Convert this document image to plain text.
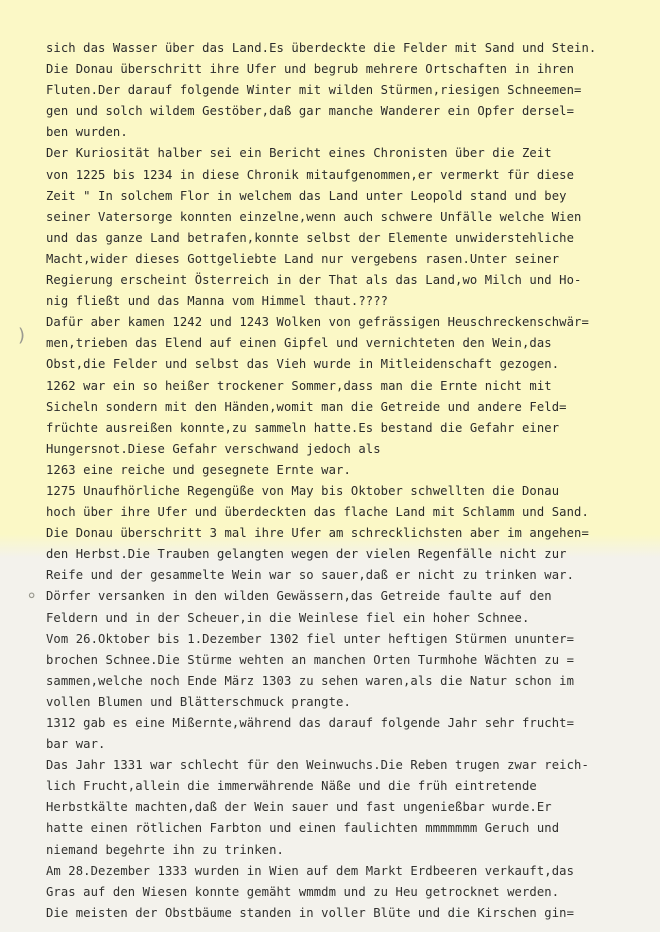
)
∘
sich das Wasser über das Land.Es überdeckte die Felder mit Sand und Stein.
Die Donau überschritt ihre Ufer und begrub mehrere Ortschaften in ihren
Fluten.Der darauf folgende Winter mit wilden Stürmen,riesigen Schneemen=
gen und solch wildem Gestöber,daß gar manche Wanderer ein Opfer dersel=
ben wurden.
Der Kuriosität halber sei ein Bericht eines Chronisten über die Zeit
von 1225 bis 1234 in diese Chronik mitaufgenommen,er vermerkt für diese
Zeit " In solchem Flor in welchem das Land unter Leopold stand und bey
seiner Vatersorge konnten einzelne,wenn auch schwere Unfälle welche Wien
und das ganze Land betrafen,konnte selbst der Elemente unwiderstehliche
Macht,wider dieses Gottgeliebte Land nur vergebens rasen.Unter seiner
Regierung erscheint Österreich in der That als das Land,wo Milch und Ho-
nig fließt und das Manna vom Himmel thaut.????
Dafür aber kamen 1242 und 1243 Wolken von gefrässigen Heuschreckenschwär=
men,trieben das Elend auf einen Gipfel und vernichteten den Wein,das
Obst,die Felder und selbst das Vieh wurde in Mitleidenschaft gezogen.
1262 war ein so heißer trockener Sommer,dass man die Ernte nicht mit
Sicheln sondern mit den Händen,womit man die Getreide und andere Feld=
früchte ausreißen konnte,zu sammeln hatte.Es bestand die Gefahr einer
Hungersnot.Diese Gefahr verschwand jedoch als
1263 eine reiche und gesegnete Ernte war.
1275 Unaufhörliche Regengüße von May bis Oktober schwellten die Donau
hoch über ihre Ufer und überdeckten das flache Land mit Schlamm und Sand.
Die Donau überschritt 3 mal ihre Ufer am schrecklichsten aber im angehen=
den Herbst.Die Trauben gelangten wegen der vielen Regenfälle nicht zur
Reife und der gesammelte Wein war so sauer,daß er nicht zu trinken war.
Dörfer versanken in den wilden Gewässern,das Getreide faulte auf den
Feldern und in der Scheuer,in die Weinlese fiel ein hoher Schnee.
Vom 26.Oktober bis 1.Dezember 1302 fiel unter heftigen Stürmen ununter=
brochen Schnee.Die Stürme wehten an manchen Orten Turmhohe Wächten zu =
sammen,welche noch Ende März 1303 zu sehen waren,als die Natur schon im
vollen Blumen und Blätterschmuck prangte.
1312 gab es eine Mißernte,während das darauf folgende Jahr sehr frucht=
bar war.
Das Jahr 1331 war schlecht für den Weinwuchs.Die Reben trugen zwar reich-
lich Frucht,allein die immerwährende Näße und die früh eintretende
Herbstkälte machten,daß der Wein sauer und fast ungenießbar wurde.Er
hatte einen rötlichen Farbton und einen faulichten mmmmmmm Geruch und
niemand begehrte ihn zu trinken.
Am 28.Dezember 1333 wurden in Wien auf dem Markt Erdbeeren verkauft,das
Gras auf den Wiesen konnte gemäht wmmdm und zu Heu getrocknet werden.
Die meisten der Obstbäume standen in voller Blüte und die Kirschen gin=
